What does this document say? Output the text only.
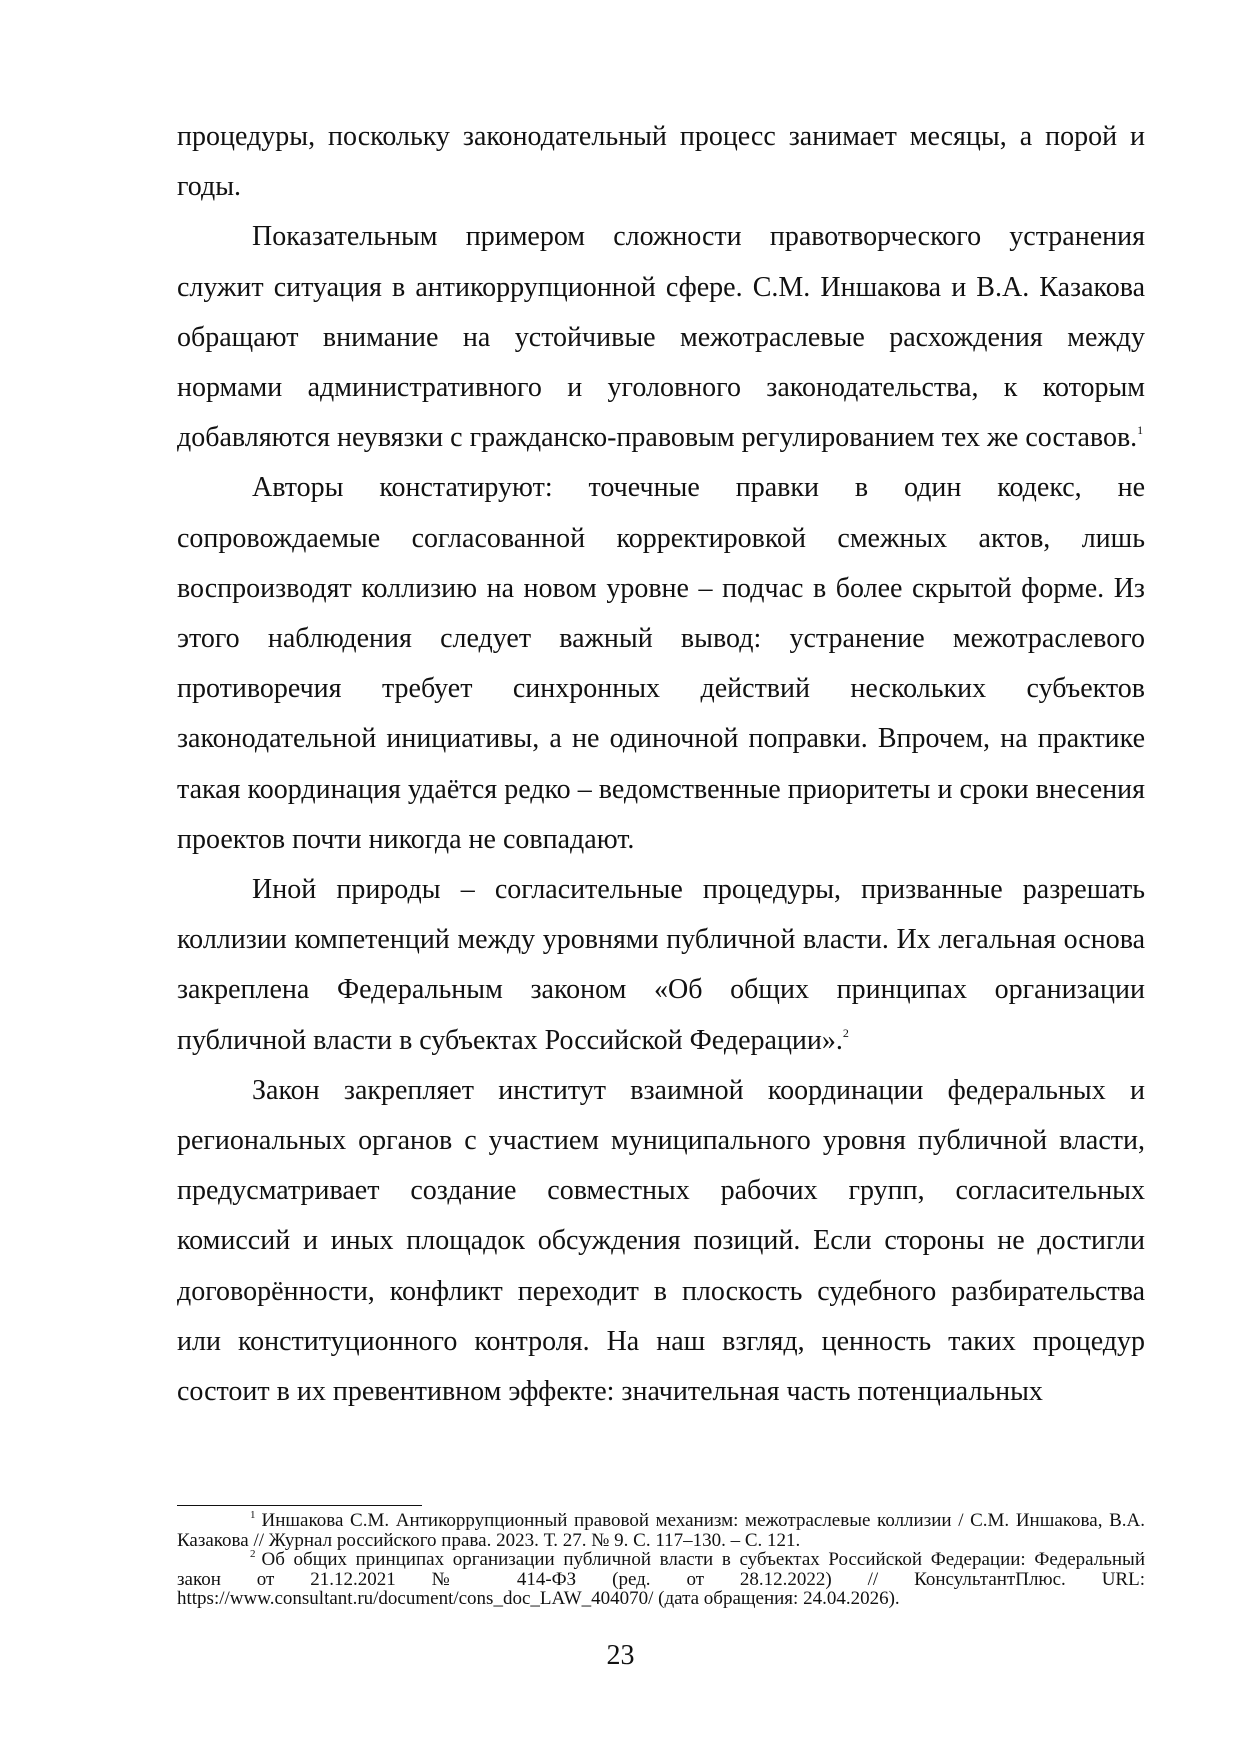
процедуры, поскольку законодательный процесс занимает месяцы, а порой и годы.

Показательным примером сложности правотворческого устранения служит ситуация в антикоррупционной сфере. С.М. Иншакова и В.А. Казакова обращают внимание на устойчивые межотраслевые расхождения между нормами административного и уголовного законодательства, к которым добавляются неувязки с гражданско-правовым регулированием тех же составов.$^1$

Авторы констатируют: точечные правки в один кодекс, не сопровождаемые согласованной корректировкой смежных актов, лишь воспроизводят коллизию на новом уровне – подчас в более скрытой форме. Из этого наблюдения следует важный вывод: устранение межотраслевого противоречия требует синхронных действий нескольких субъектов законодательной инициативы, а не одиночной поправки. Впрочем, на практике такая координация удаётся редко – ведомственные приоритеты и сроки внесения проектов почти никогда не совпадают.

Иной природы – согласительные процедуры, призванные разрешать коллизии компетенций между уровнями публичной власти. Их легальная основа закреплена Федеральным законом «Об общих принципах организации публичной власти в субъектах Российской Федерации».$^2$

Закон закрепляет институт взаимной координации федеральных и региональных органов с участием муниципального уровня публичной власти, предусматривает создание совместных рабочих групп, согласительных комиссий и иных площадок обсуждения позиций. Если стороны не достигли договорённости, конфликт переходит в плоскость судебного разбирательства или конституционного контроля. На наш взгляд, ценность таких процедур состоит в их превентивном эффекте: значительная часть потенциальных

$^1$ Иншакова С.М. Антикоррупционный правовой механизм: межотраслевые коллизии / С.М. Иншакова, В.А. Казакова // Журнал российского права. 2023. Т. 27. № 9. С. 117–130. – С. 121.

$^2$ Об общих принципах организации публичной власти в субъектах Российской Федерации: Федеральный закон от 21.12.2021 № 414-ФЗ (ред. от 28.12.2022) // КонсультантПлюс. URL: https://www.consultant.ru/document/cons_doc_LAW_404070/ (дата обращения: 24.04.2026).

23
